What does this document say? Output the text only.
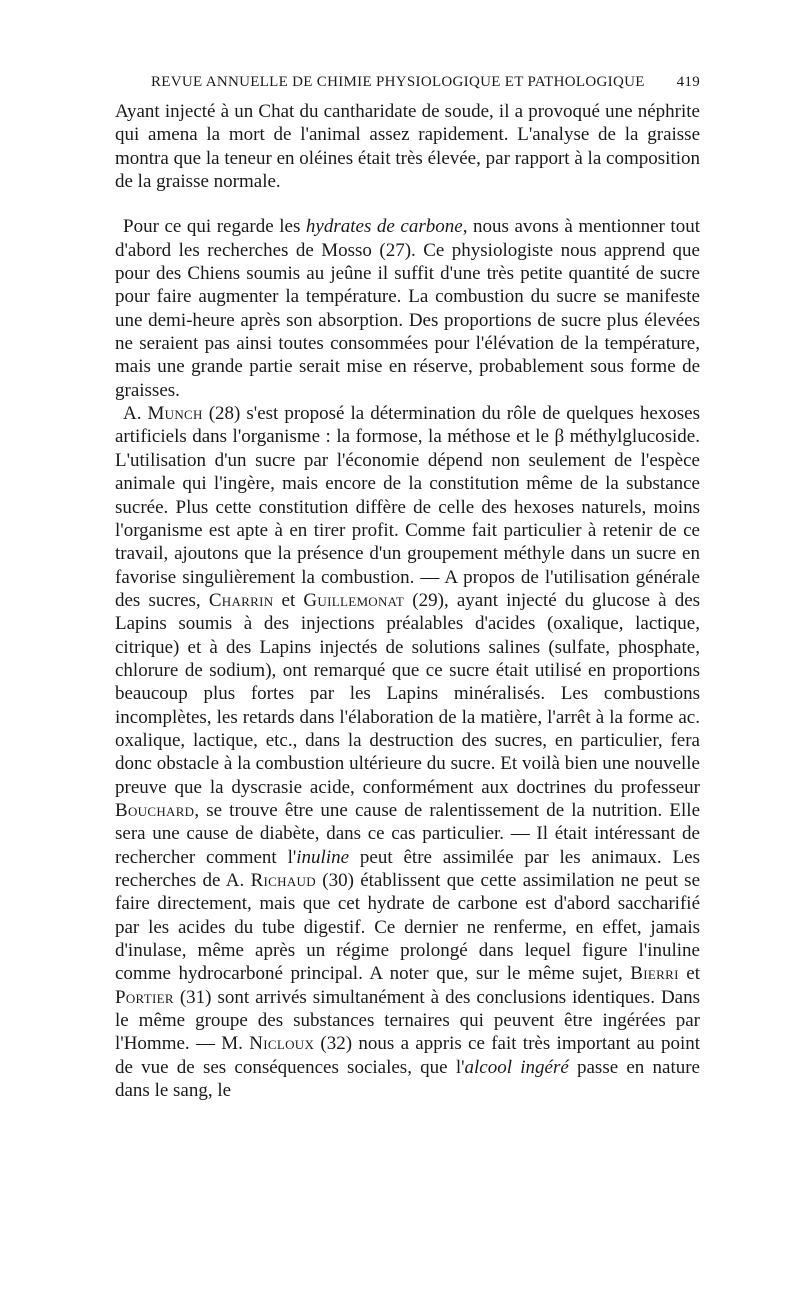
REVUE ANNUELLE DE CHIMIE PHYSIOLOGIQUE ET PATHOLOGIQUE 419

Ayant injecté à un Chat du cantharidate de soude, il a provoqué une néphrite qui amena la mort de l'animal assez rapidement. L'analyse de la graisse montra que la teneur en oléines était très élevée, par rapport à la composition de la graisse normale.

Pour ce qui regarde les hydrates de carbone, nous avons à mentionner tout d'abord les recherches de Mosso (27). Ce physiologiste nous apprend que pour des Chiens soumis au jeûne il suffit d'une très petite quantité de sucre pour faire augmenter la température. La combustion du sucre se manifeste une demi-heure après son absorption. Des proportions de sucre plus élevées ne seraient pas ainsi toutes consommées pour l'élévation de la température, mais une grande partie serait mise en réserve, probablement sous forme de graisses.

A. Munch (28) s'est proposé la détermination du rôle de quelques hexoses artificiels dans l'organisme : la formose, la méthose et le β méthylglucoside. L'utilisation d'un sucre par l'économie dépend non seulement de l'espèce animale qui l'ingère, mais encore de la constitution même de la substance sucrée. Plus cette constitution diffère de celle des hexoses naturels, moins l'organisme est apte à en tirer profit. Comme fait particulier à retenir de ce travail, ajoutons que la présence d'un groupement méthyle dans un sucre en favorise singulièrement la combustion. — A propos de l'utilisation générale des sucres, Charrin et Guillemonat (29), ayant injecté du glucose à des Lapins soumis à des injections préalables d'acides (oxalique, lactique, citrique) et à des Lapins injectés de solutions salines (sulfate, phosphate, chlorure de sodium), ont remarqué que ce sucre était utilisé en proportions beaucoup plus fortes par les Lapins minéralisés. Les combustions incomplètes, les retards dans l'élaboration de la matière, l'arrêt à la forme ac. oxalique, lactique, etc., dans la destruction des sucres, en particulier, fera donc obstacle à la combustion ultérieure du sucre. Et voilà bien une nouvelle preuve que la dyscrasie acide, conformément aux doctrines du professeur Bouchard, se trouve être une cause de ralentissement de la nutrition. Elle sera une cause de diabète, dans ce cas particulier. — Il était intéressant de rechercher comment l'inuline peut être assimilée par les animaux. Les recherches de A. Richaud (30) établissent que cette assimilation ne peut se faire directement, mais que cet hydrate de carbone est d'abord saccharifié par les acides du tube digestif. Ce dernier ne renferme, en effet, jamais d'inulase, même après un régime prolongé dans lequel figure l'inuline comme hydrocarboné principal. A noter que, sur le même sujet, Bierri et Portier (31) sont arrivés simultanément à des conclusions identiques. Dans le même groupe des substances ternaires qui peuvent être ingérées par l'Homme. — M. Nicloux (32) nous a appris ce fait très important au point de vue de ses conséquences sociales, que l'alcool ingéré passe en nature dans le sang, le
